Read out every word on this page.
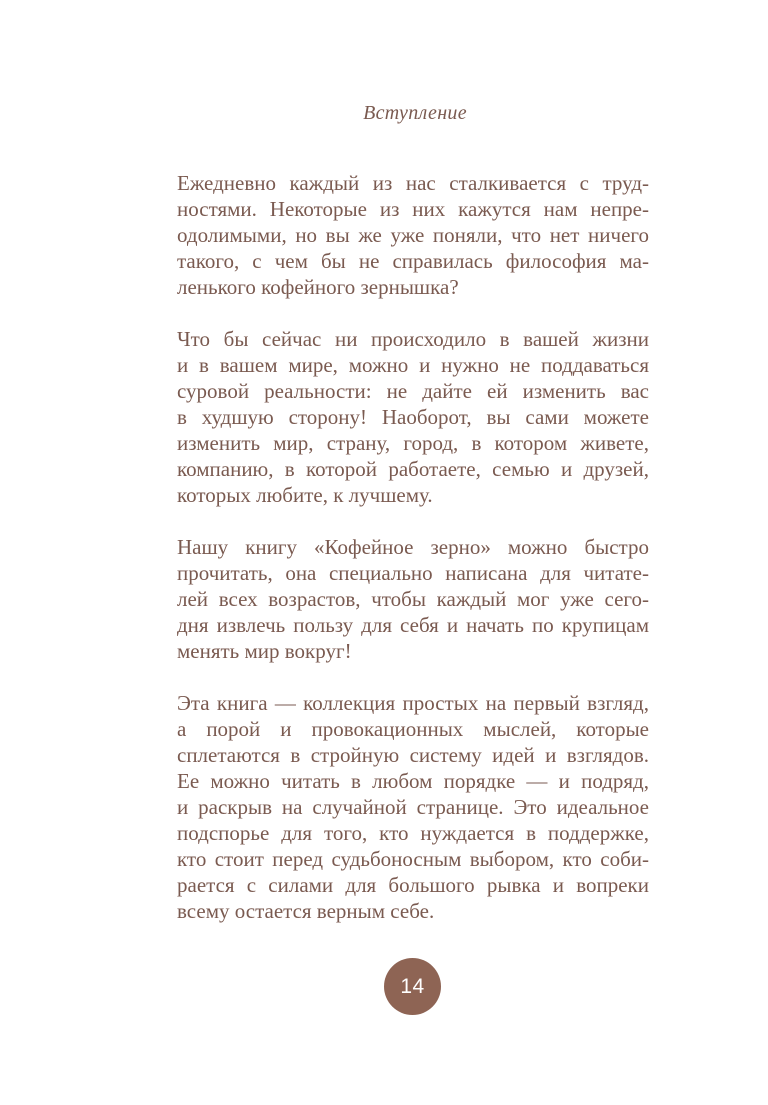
Вступление

Ежедневно каждый из нас сталкивается с труд-
ностями. Некоторые из них кажутся нам непре-
одолимыми, но вы же уже поняли, что нет ничего
такого, с чем бы не справилась философия ма-
ленького кофейного зернышка?

Что бы сейчас ни происходило в вашей жизни
и в вашем мире, можно и нужно не поддаваться
суровой реальности: не дайте ей изменить вас
в худшую сторону! Наоборот, вы сами можете
изменить мир, страну, город, в котором живете,
компанию, в которой работаете, семью и друзей,
которых любите, к лучшему.

Нашу книгу «Кофейное зерно» можно быстро
прочитать, она специально написана для читате-
лей всех возрастов, чтобы каждый мог уже сего-
дня извлечь пользу для себя и начать по крупицам
менять мир вокруг!

Эта книга — коллекция простых на первый взгляд,
а порой и провокационных мыслей, которые
сплетаются в стройную систему идей и взглядов.
Ее можно читать в любом порядке — и подряд,
и раскрыв на случайной странице. Это идеальное
подспорье для того, кто нуждается в поддержке,
кто стоит перед судьбоносным выбором, кто соби-
рается с силами для большого рывка и вопреки
всему остается верным себе.

14
